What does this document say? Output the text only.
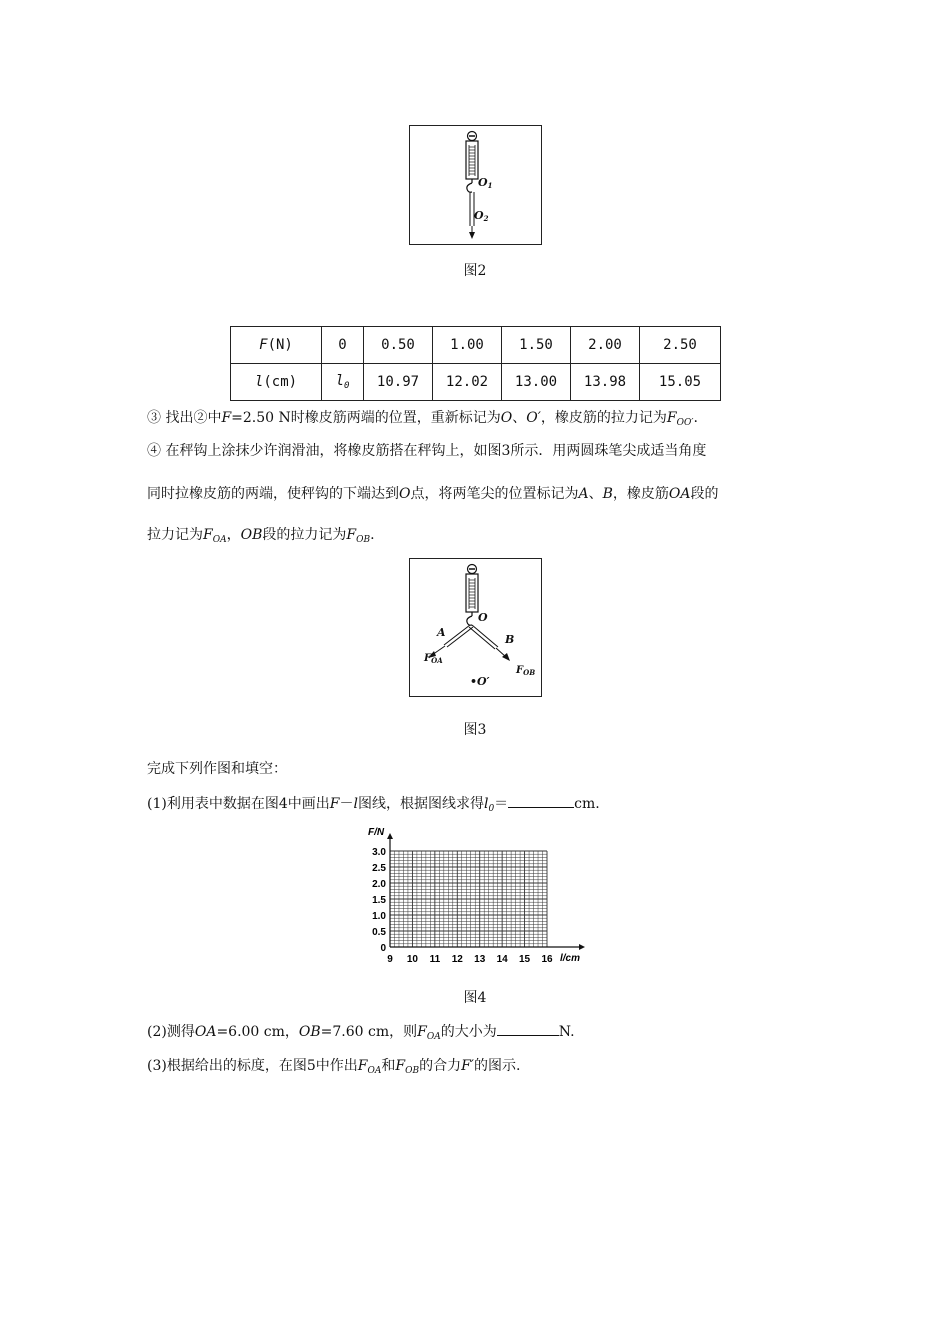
O1
O2
图2
F(N)	0	0.50	1.00	1.50	2.00	2.50
l(cm)	$l_0$	10.97	12.02	13.00	13.98	15.05
③ 找出②中F=2.50 N时橡皮筋两端的位置，重新标记为O、O′，橡皮筋的拉力记为$F_{OO'}$.
④ 在秤钩上涂抹少许润滑油，将橡皮筋搭在秤钩上，如图3所示．用两圆珠笔尖成适当角度
同时拉橡皮筋的两端，使秤钩的下端达到O点，将两笔尖的位置标记为A、B，橡皮筋OA段的
拉力记为$F_{OA}$，OB段的拉力记为$F_{OB}$.
O
A
B
$F_{OA}$
$F_{OB}$
•O′
图3
完成下列作图和填空：
(1)利用表中数据在图4中画出F－l图线，根据图线求得$l_0=$	cm.
9 10 11 12 13 14 15 16
0
0.5
1.0
1.5
2.0
2.5
3.0
F/N
l/cm
图4
(2)测得OA=6.00 cm，OB=7.60 cm，则$F_{OA}$的大小为	N.
(3)根据给出的标度，在图5中作出$F_{OA}$和$F_{OB}$的合力F′的图示.
